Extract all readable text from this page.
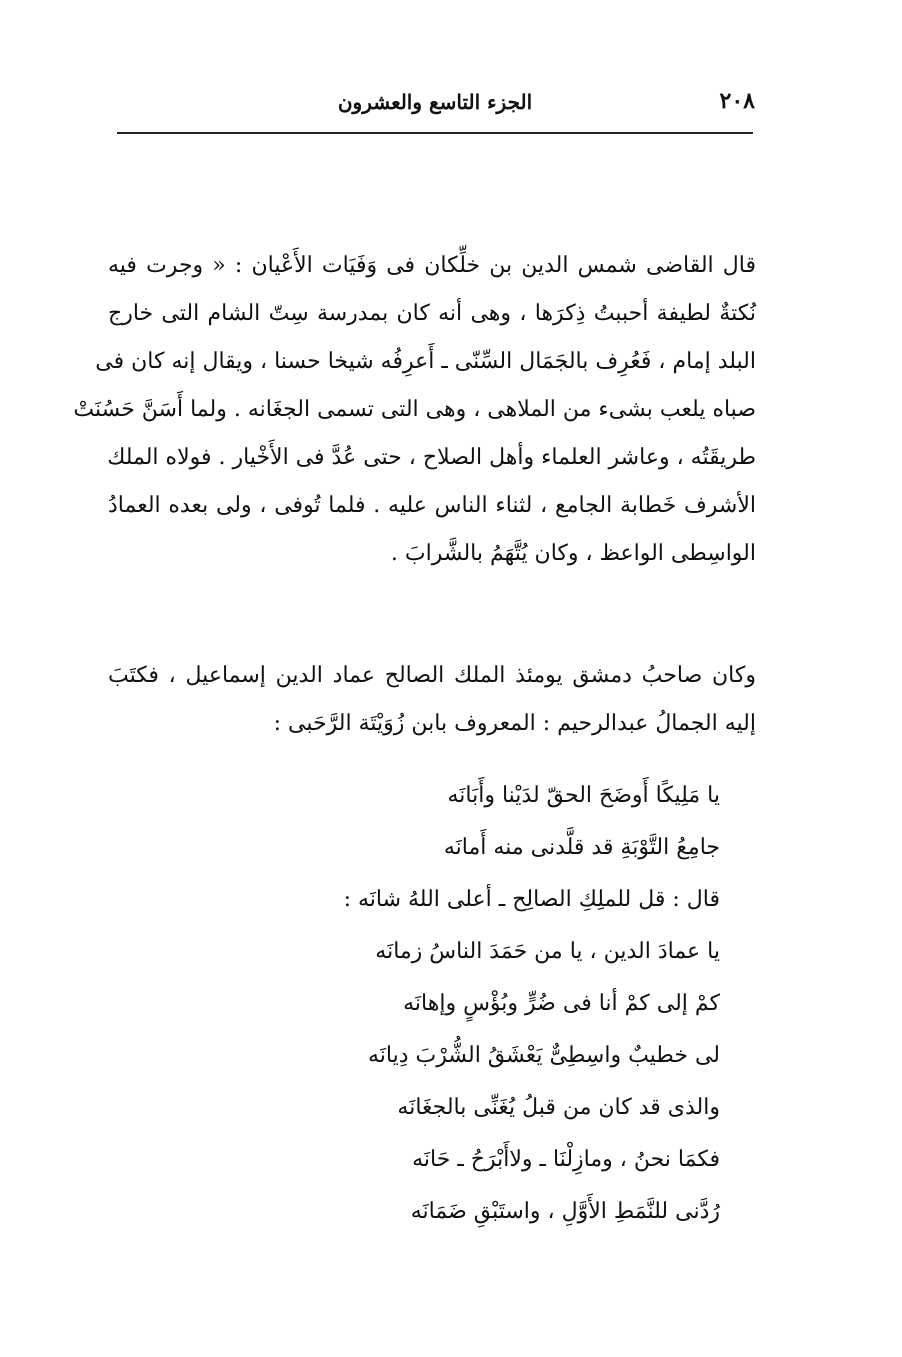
٢٠٨
الجزء التاسع والعشرون
قال القاضى شمس الدين بن خلِّكان فى وَفَيَات الأَعْيان : « وجرت فيه
نُكتةٌ لطيفة أحببتُ ذِكرَها ، وهى أنه كان بمدرسة سِتّ الشام التى خارج
البلد إمام ، فَعُرِف بالجَمَال السِّنّى ـ أَعرِفُه شيخا حسنا ، ويقال إنه كان فى
صباه يلعب بشىء من الملاهى ، وهى التى تسمى الجغَانه . ولما أَسَنَّ حَسُنَتْ
طريقَتُه ، وعاشر العلماء وأهل الصلاح ، حتى عُدَّ فى الأَخْيار . فولاه الملك
الأشرف خَطابة الجامع ، لثناء الناس عليه . فلما تُوفى ، ولى بعده العمادُ
الواسِطى الواعظ ، وكان يُتَّهَمُ بالشَّرابَ .
وكان صاحبُ دمشق يومئذ الملك الصالح عماد الدين إسماعيل ، فكتَبَ
إليه الجمالُ عبدالرحيم : المعروف بابن زُوَيْتَة الرَّحَبى :
يا مَلِيكًا أَوضَحَ الحقّ لدَيْنا وأَبَانَه
جامِعُ التَّوْبَةِ قد قلَّدنى منه أَمانَه
قال : قل للملِكِ الصالِح ـ أعلى اللهُ شانَه :
يا عمادَ الدين ، يا من حَمَدَ الناسُ زمانَه
كمْ إلى كمْ أنا فى ضُرٍّ وبُؤْسٍ وإهانَه
لى خطيبٌ واسِطِىٌّ يَعْشَقُ الشُّرْبَ دِيانَه
والذى قد كان من قبلُ يُغَنِّى بالجغَانَه
فكمَا نحنُ ، ومازِلْنَا ـ ولاأَبْرَحُ ـ حَانَه
رُدَّنى للنَّمَطِ الأَوَّلِ ، واستَبْقِ ضَمَانَه
